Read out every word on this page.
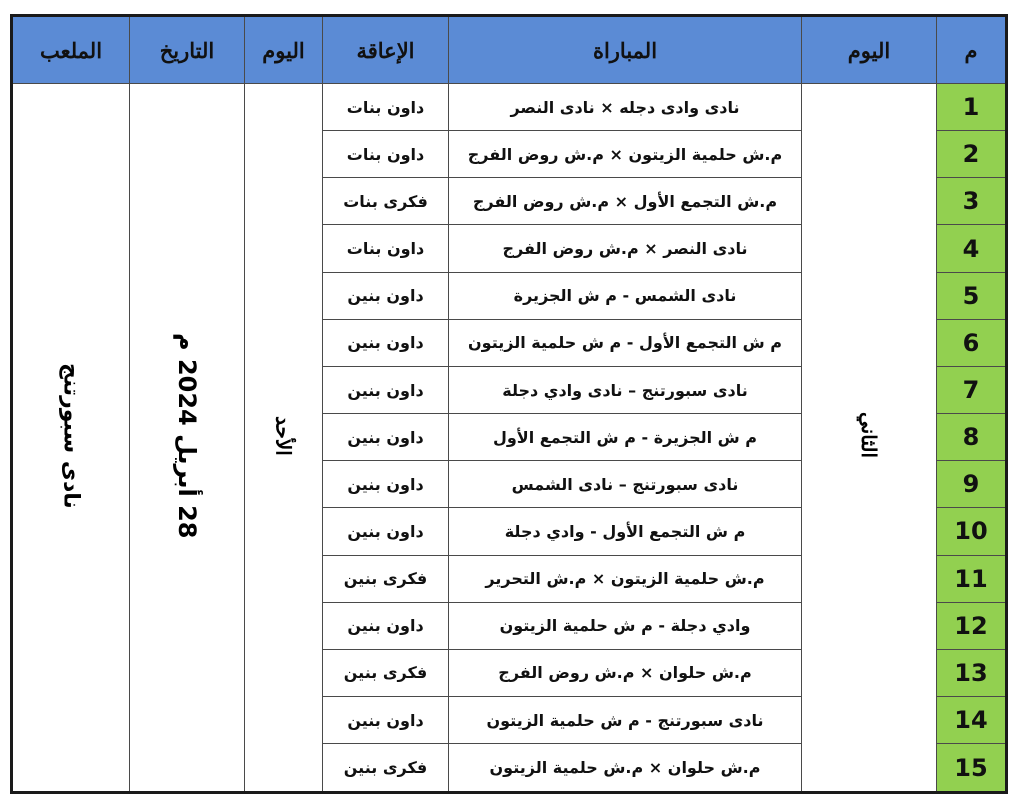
الملعب	التاريخ	اليوم	الإعاقة	المباراة	اليوم	م
نادى سبورتنج	28 أبريل 2024 م	الأحد	داون بنات	نادى وادى دجله × نادى النصر	الثاني	1
			داون بنات	م.ش حلمية الزيتون × م.ش روض الفرج		2
			فكرى بنات	م.ش التجمع الأول × م.ش روض الفرج		3
			داون بنات	نادى النصر × م.ش روض الفرج		4
			داون بنين	نادى الشمس - م ش الجزيرة		5
			داون بنين	م ش التجمع الأول - م ش حلمية الزيتون		6
			داون بنين	نادى سبورتنج – نادى وادي دجلة		7
			داون بنين	م ش الجزيرة - م ش التجمع الأول		8
			داون بنين	نادى سبورتنج – نادى الشمس		9
			داون بنين	م ش التجمع الأول - وادي دجلة		10
			فكرى بنين	م.ش حلمية الزيتون × م.ش التحرير		11
			داون بنين	وادي دجلة - م ش حلمية الزيتون		12
			فكرى بنين	م.ش حلوان × م.ش روض الفرج		13
			داون بنين	نادى سبورتنج - م ش حلمية الزيتون		14
			فكرى بنين	م.ش حلوان × م.ش حلمية الزيتون		15
